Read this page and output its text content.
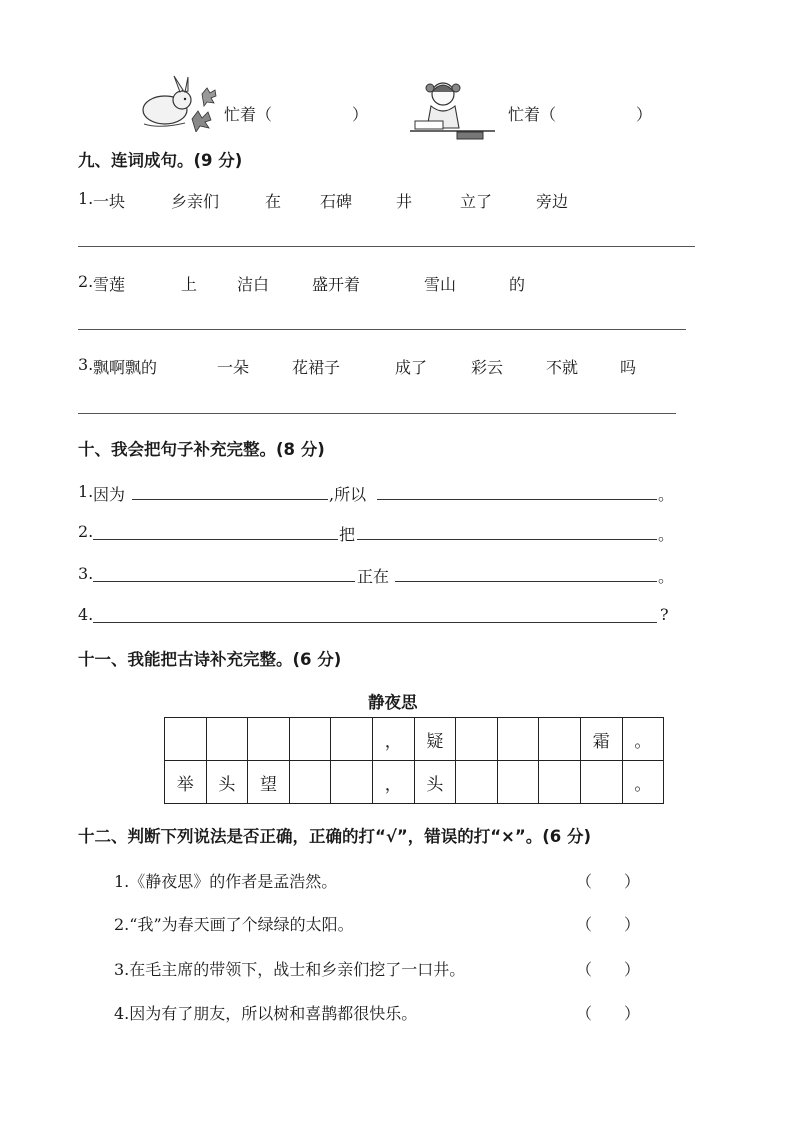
忙着（　　　　　）	忙着（　　　　　）
九、连词成句。(9 分)
1. 一块	乡亲们	在 石碑	井	立了	旁边
2. 雪莲	上 洁白	盛开着	雪山	的
3. 飘啊飘的	一朵	花裙子	成了	彩云	不就	吗
十、我会把句子补充完整。(8 分)
1. 因为	,所以	。
2.	把	。
3.	正在	。
4.	?
十一、我能把古诗补充完整。(6 分)
静夜思
					，	疑				霜	。
举	头	望			，	头					。
十二、判断下列说法是否正确，正确的打“√”，错误的打“×”。(6 分)
1.《静夜思》的作者是孟浩然。	（　　）
2.“我”为春天画了个绿绿的太阳。	（　　）
3.在毛主席的带领下，战士和乡亲们挖了一口井。	（　　）
4.因为有了朋友，所以树和喜鹊都很快乐。	（　　）
